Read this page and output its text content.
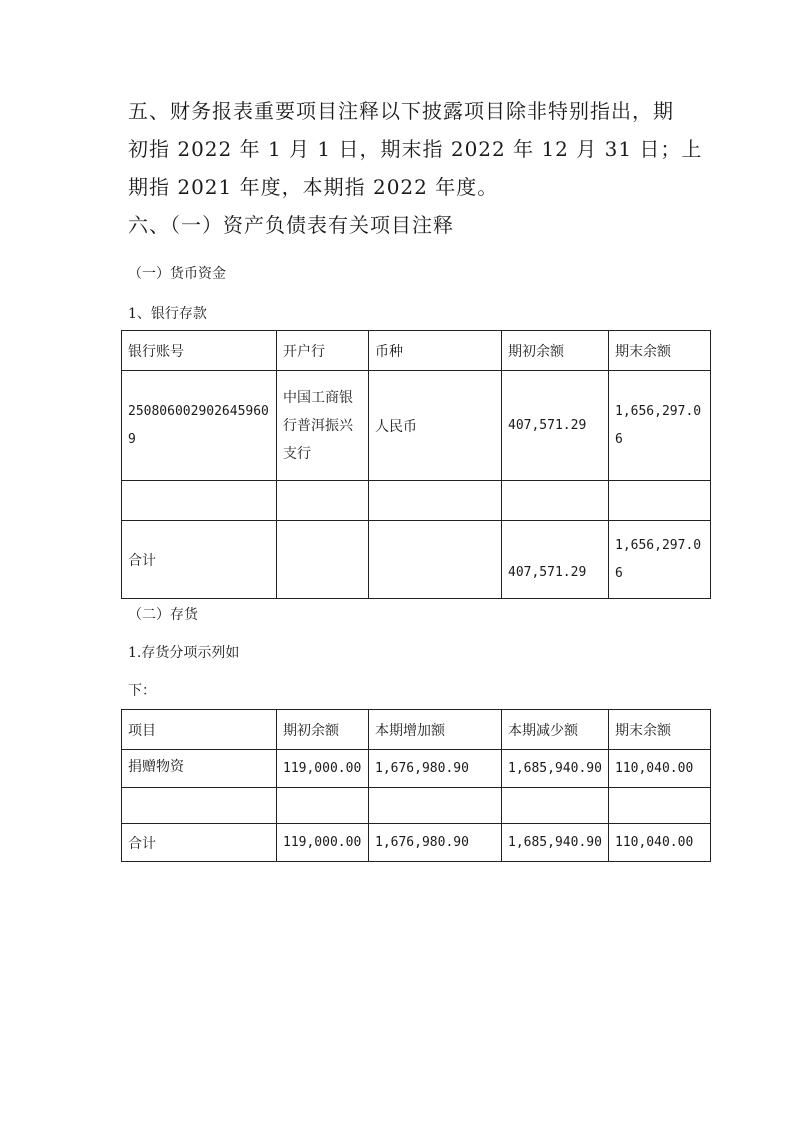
五、财务报表重要项目注释以下披露项目除非特别指出，期
初指 2022 年 1 月 1 日，期末指 2022 年 12 月 31 日；上
期指 2021 年度，本期指 2022 年度。
六、（一）资产负债表有关项目注释
（一）货币资金
1、银行存款
银行账号	开户行	币种	期初余额	期末余额
2508060029026459609	中国工商银行普洱振兴支行	人民币	407,571.29	1,656,297.06

合计			407,571.29	1,656,297.06
（二）存货
1.存货分项示列如
下：
项目	期初余额	本期增加额	本期减少额	期末余额
捐赠物资	119,000.00	1,676,980.90	1,685,940.90	110,040.00

合计	119,000.00	1,676,980.90	1,685,940.90	110,040.00
